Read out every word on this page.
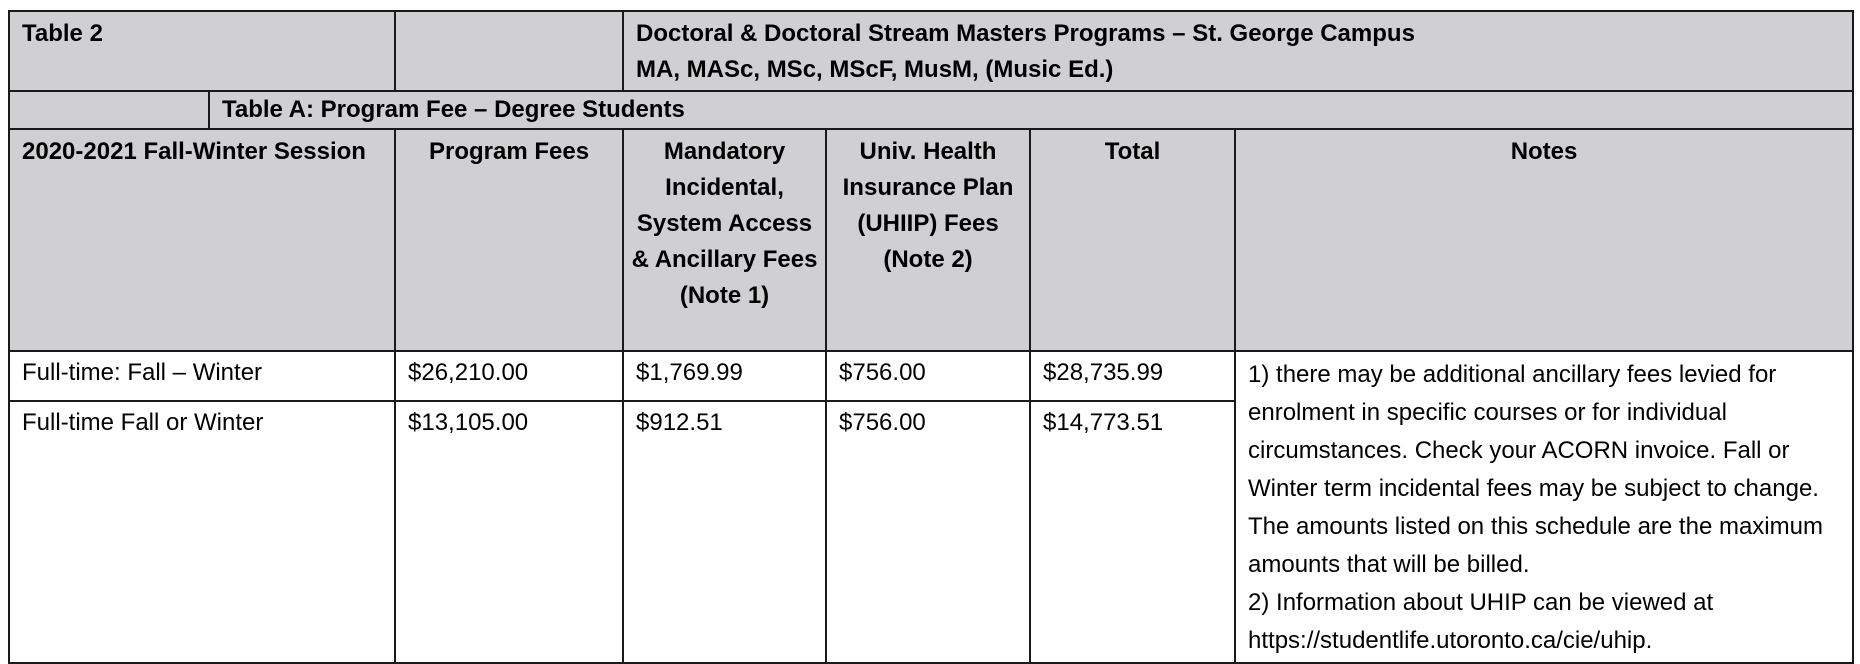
Table 2			Doctoral & Doctoral Stream Masters Programs – St. George Campus
MA, MASc, MSc, MScF, MusM, (Music Ed.)			

	Table A: Program Fee – Degree Students					
2020-2021 Fall-Winter Session		Program Fees	Mandatory Incidental, System Access & Ancillary Fees (Note 1)	Univ. Health Insurance Plan (UHIIP) Fees (Note 2)	Total	Notes
Full-time: Fall – Winter		$26,210.00	$1,769.99	$756.00	$28,735.99	1) there may be additional ancillary fees levied for enrolment in specific courses or for individual circumstances. Check your ACORN invoice. Fall or Winter term incidental fees may be subject to change. The amounts listed on this schedule are the maximum amounts that will be billed.
2) Information about UHIP can be viewed at https://studentlife.utoronto.ca/cie/uhip.

Full-time Fall or Winter		$13,105.00	$912.51	$756.00	$14,773.51	
